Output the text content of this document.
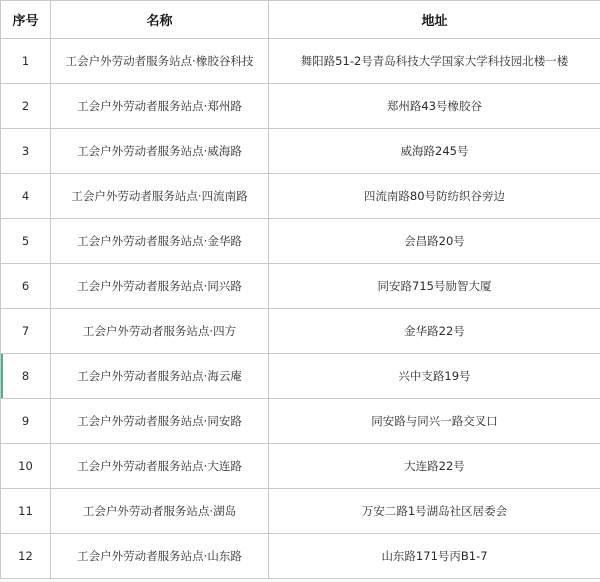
序号	名称	地址
1	工会户外劳动者服务站点·橡胶谷科技	舞阳路51-2号青岛科技大学国家大学科技园北楼一楼
2	工会户外劳动者服务站点·郑州路	郑州路43号橡胶谷
3	工会户外劳动者服务站点·威海路	威海路245号
4	工会户外劳动者服务站点·四流南路	四流南路80号防纺织谷旁边
5	工会户外劳动者服务站点·金华路	会昌路20号
6	工会户外劳动者服务站点·同兴路	同安路715号励智大厦
7	工会户外劳动者服务站点·四方	金华路22号
8	工会户外劳动者服务站点·海云庵	兴中支路19号
9	工会户外劳动者服务站点·同安路	同安路与同兴一路交叉口
10	工会户外劳动者服务站点·大连路	大连路22号
11	工会户外劳动者服务站点·湖岛	万安二路1号湖岛社区居委会
12	工会户外劳动者服务站点·山东路	山东路171号丙B1-7
